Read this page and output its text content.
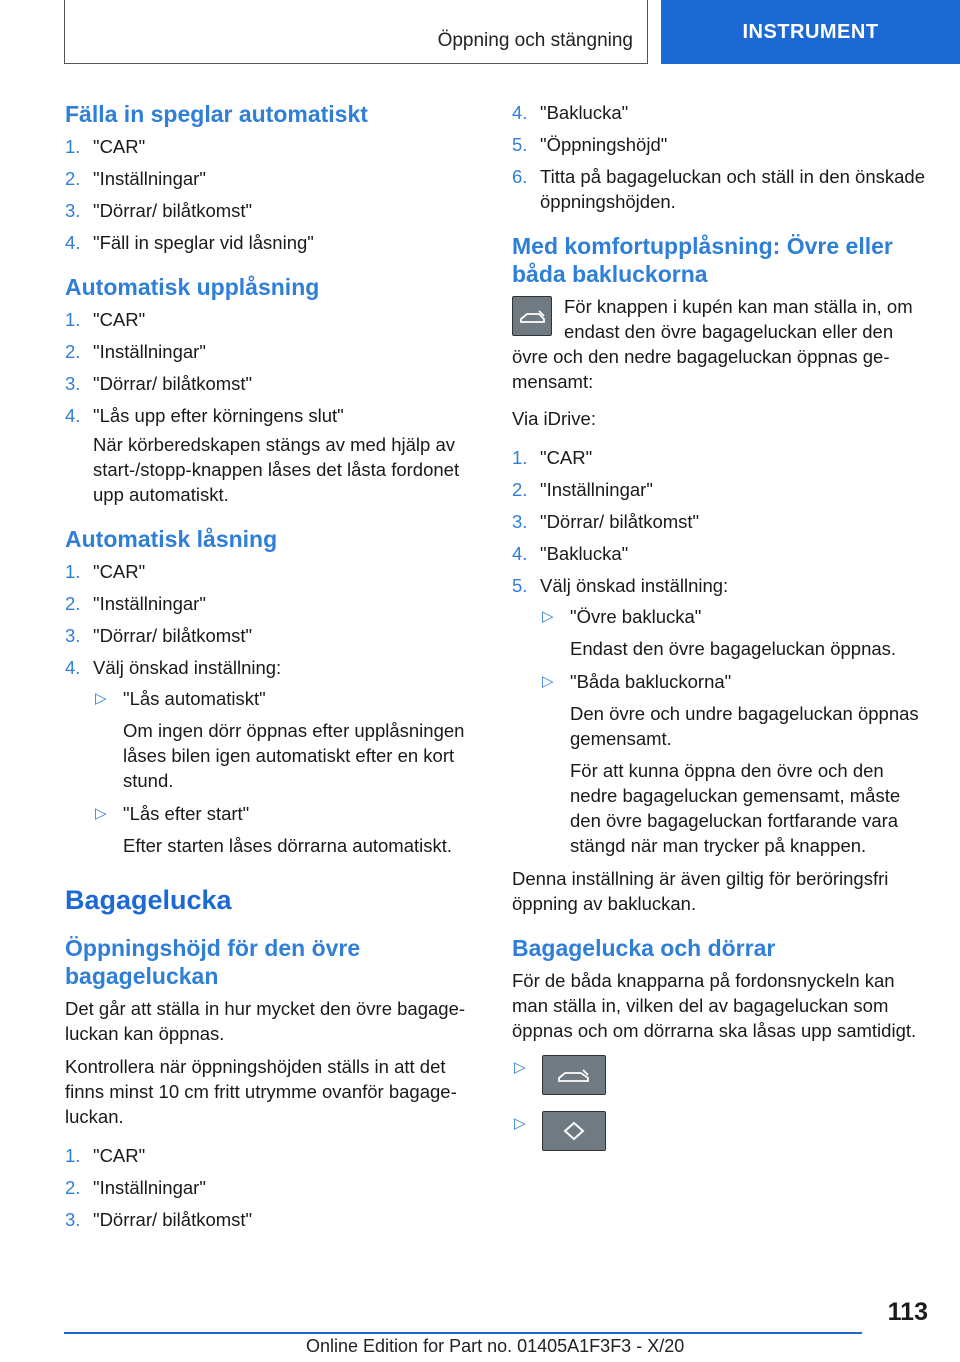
Öppning och stängning	INSTRUMENT
Fälla in speglar automatiskt
1. "CAR"
2. "Inställningar"
3. "Dörrar/ bilåtkomst"
4. "Fäll in speglar vid låsning"
Automatisk upplåsning
1. "CAR"
2. "Inställningar"
3. "Dörrar/ bilåtkomst"
4. "Lås upp efter körningens slut"
När körberedskapen stängs av med hjälp av start-/stopp-knappen låses det låsta fordonet upp automatiskt.
Automatisk låsning
1. "CAR"
2. "Inställningar"
3. "Dörrar/ bilåtkomst"
4. Välj önskad inställning:
▷ "Lås automatiskt"
Om ingen dörr öppnas efter upplåsningen låses bilen igen automatiskt efter en kort stund.
▷ "Lås efter start"
Efter starten låses dörrarna automatiskt.
Bagagelucka
Öppningshöjd för den övre bagageluckan

Det går att ställa in hur mycket den övre bagageluckan kan öppnas.

Kontrollera när öppningshöjden ställs in att det finns minst 10 cm fritt utrymme ovanför bagageluckan.

1. "CAR"
2. "Inställningar"
3. "Dörrar/ bilåtkomst"
4. "Baklucka"
5. "Öppningshöjd"
6. Titta på bagageluckan och ställ in den önskade öppningshöjden.
Med komfortupplåsning: Övre eller båda bakluckorna

För knappen i kupén kan man ställa in, om endast den övre bagageluckan eller den övre och den nedre bagageluckan öppnas gemensamt:

Via iDrive:

1. "CAR"
2. "Inställningar"
3. "Dörrar/ bilåtkomst"
4. "Baklucka"
5. Välj önskad inställning:
▷ "Övre baklucka"
Endast den övre bagageluckan öppnas.
▷ "Båda bakluckorna"
Den övre och undre bagageluckan öppnas gemensamt.
För att kunna öppna den övre och den nedre bagageluckan gemensamt, måste den övre bagageluckan fortfarande vara stängd när man trycker på knappen.

Denna inställning är även giltig för beröringsfri öppning av bakluckan.

Bagagelucka och dörrar

För de båda knapparna på fordonsnyckeln kan man ställa in, vilken del av bagageluckan som öppnas och om dörrarna ska låsas upp samtidigt.

▷
▷
113
Online Edition for Part no. 01405A1F3F3 - X/20
